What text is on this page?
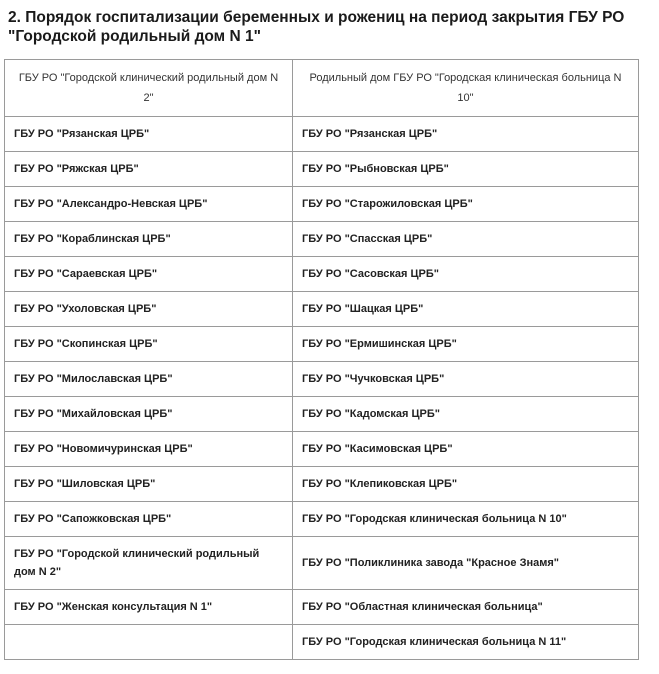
2. Порядок госпитализации беременных и рожениц на период закрытия ГБУ РО "Городской родильный дом N 1"
ГБУ РО "Городской клинический родильный дом N 2"	Родильный дом ГБУ РО "Городская клиническая больница N 10"
ГБУ РО "Рязанская ЦРБ"	ГБУ РО "Рязанская ЦРБ"
ГБУ РО "Ряжская ЦРБ"	ГБУ РО "Рыбновская ЦРБ"
ГБУ РО "Александро-Невская ЦРБ"	ГБУ РО "Старожиловская ЦРБ"
ГБУ РО "Кораблинская ЦРБ"	ГБУ РО "Спасская ЦРБ"
ГБУ РО "Сараевская ЦРБ"	ГБУ РО "Сасовская ЦРБ"
ГБУ РО "Ухоловская ЦРБ"	ГБУ РО "Шацкая ЦРБ"
ГБУ РО "Скопинская ЦРБ"	ГБУ РО "Ермишинская ЦРБ"
ГБУ РО "Милославская ЦРБ"	ГБУ РО "Чучковская ЦРБ"
ГБУ РО "Михайловская ЦРБ"	ГБУ РО "Кадомская ЦРБ"
ГБУ РО "Новомичуринская ЦРБ"	ГБУ РО "Касимовская ЦРБ"
ГБУ РО "Шиловская ЦРБ"	ГБУ РО "Клепиковская ЦРБ"
ГБУ РО "Сапожковская ЦРБ"	ГБУ РО "Городская клиническая больница N 10"
ГБУ РО "Городской клинический родильный дом N 2"	ГБУ РО "Поликлиника завода "Красное Знамя"
ГБУ РО "Женская консультация N 1"	ГБУ РО "Областная клиническая больница"
	ГБУ РО "Городская клиническая больница N 11"
